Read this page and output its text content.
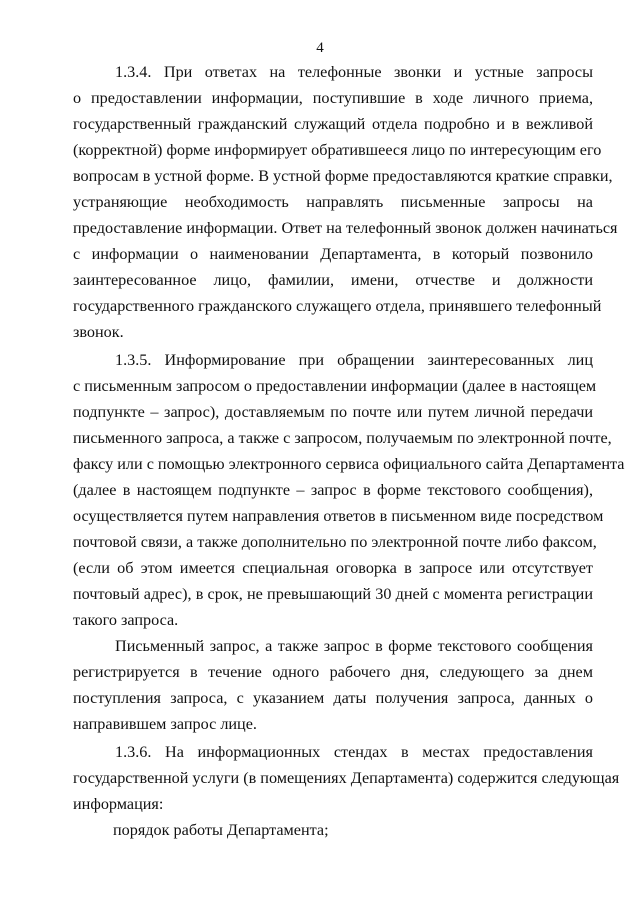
4
1.3.4. При ответах на телефонные звонки и устные запросы
о предоставлении информации, поступившие в ходе личного приема,
государственный гражданский служащий отдела подробно и в вежливой
(корректной) форме информирует обратившееся лицо по интересующим его
вопросам в устной форме. В устной форме предоставляются краткие справки,
устраняющие необходимость направлять письменные запросы на
предоставление информации. Ответ на телефонный звонок должен начинаться
с информации о наименовании Департамента, в который позвонило
заинтересованное лицо, фамилии, имени, отчестве и должности
государственного гражданского служащего отдела, принявшего телефонный
звонок.
1.3.5. Информирование при обращении заинтересованных лиц
с письменным запросом о предоставлении информации (далее в настоящем
подпункте – запрос), доставляемым по почте или путем личной передачи
письменного запроса, а также с запросом, получаемым по электронной почте,
факсу или с помощью электронного сервиса официального сайта Департамента
(далее в настоящем подпункте – запрос в форме текстового сообщения),
осуществляется путем направления ответов в письменном виде посредством
почтовой связи, а также дополнительно по электронной почте либо факсом,
(если об этом имеется специальная оговорка в запросе или отсутствует
почтовый адрес), в срок, не превышающий 30 дней с момента регистрации
такого запроса.
Письменный запрос, а также запрос в форме текстового сообщения
регистрируется в течение одного рабочего дня, следующего за днем
поступления запроса, с указанием даты получения запроса, данных о
направившем запрос лице.
1.3.6. На информационных стендах в местах предоставления
государственной услуги (в помещениях Департамента) содержится следующая
информация:
порядок работы Департамента;
